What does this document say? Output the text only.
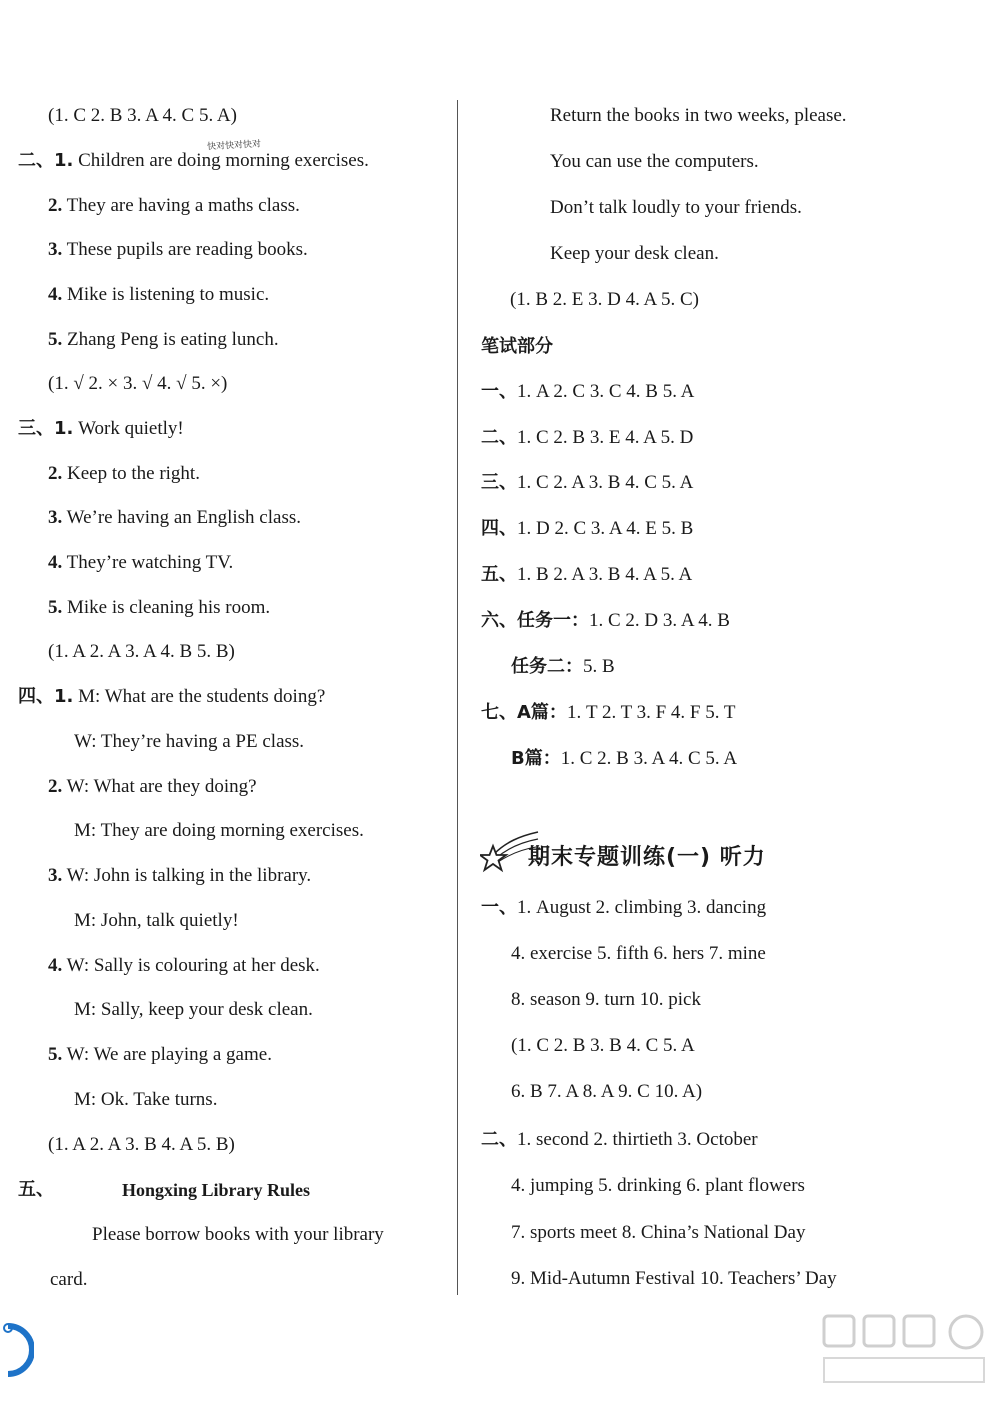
(1. C 2. B 3. A 4. C 5. A)
二、1. Children are doing morning exercises.
2. They are having a maths class.
3. These pupils are reading books.
4. Mike is listening to music.
5. Zhang Peng is eating lunch.
(1. √ 2. × 3. √ 4. √ 5. ×)
三、1. Work quietly!
2. Keep to the right.
3. We’re having an English class.
4. They’re watching TV.
5. Mike is cleaning his room.
(1. A 2. A 3. A 4. B 5. B)
四、1. M: What are the students doing?
W: They’re having a PE class.
2. W: What are they doing?
M: They are doing morning exercises.
3. W: John is talking in the library.
M: John, talk quietly!
4. W: Sally is colouring at her desk.
M: Sally, keep your desk clean.
5. W: We are playing a game.
M: Ok. Take turns.
(1. A 2. A 3. B 4. A 5. B)
五、	Hongxing Library Rules
Please borrow books with your library
card.
快对快对快对
Return the books in two weeks, please.
You can use the computers.
Don’t talk loudly to your friends.
Keep your desk clean.
(1. B 2. E 3. D 4. A 5. C)
笔试部分
一、1. A 2. C 3. C 4. B 5. A
二、1. C 2. B 3. E 4. A 5. D
三、1. C 2. A 3. B 4. C 5. A
四、1. D 2. C 3. A 4. E 5. B
五、1. B 2. A 3. B 4. A 5. A
六、任务一：1. C 2. D 3. A 4. B
任务二：5. B
七、A篇：1. T 2. T 3. F 4. F 5. T
B篇：1. C 2. B 3. A 4. C 5. A
期末专题训练(一) 听力
一、1. August 2. climbing 3. dancing
4. exercise 5. fifth 6. hers 7. mine
8. season 9. turn 10. pick
(1. C 2. B 3. B 4. C 5. A
6. B 7. A 8. A 9. C 10. A)
二、1. second 2. thirtieth 3. October
4. jumping 5. drinking 6. plant flowers
7. sports meet 8. China’s National Day
9. Mid-Autumn Festival 10. Teachers’ Day
